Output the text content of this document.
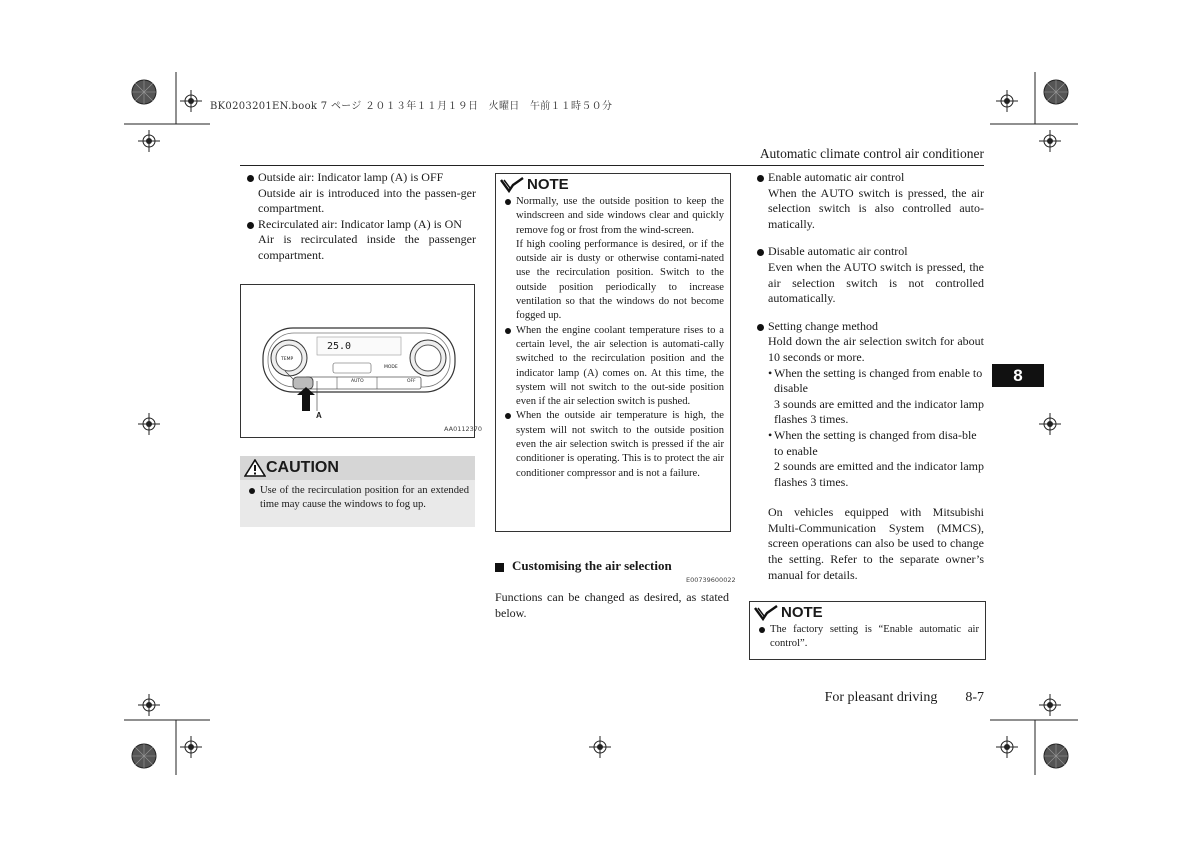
BK0203201EN.book 7 ページ ２０１３年１１月１９日　火曜日　午前１１時５０分
Automatic climate control air conditioner

Outside air: Indicator lamp (A) is OFF

Outside air is introduced into the passen-ger compartment.

Recirculated air: Indicator lamp (A) is ON

Air is recirculated inside the passenger compartment.

25.0
TEMP
MODE
AUTO	OFF
A
AA0112370
CAUTION
Use of the recirculation position for an extended time may cause the windows to fog up.
NOTE

Normally, use the outside position to keep the windscreen and side windows clear and quickly remove fog or frost from the wind-screen.

If high cooling performance is desired, or if the outside air is dusty or otherwise contami-nated use the recirculation position. Switch to the outside position periodically to increase ventilation so that the windows do not become fogged up.

When the engine coolant temperature rises to a certain level, the air selection is automati-cally switched to the recirculation position and the indicator lamp (A) comes on. At this time, the system will not switch to the out-side position even if the air selection switch is pushed.

When the outside air temperature is high, the system will not switch to the outside position even the air selection switch is pressed if the air conditioner is operating. This is to protect the air conditioner compressor and is not a failure.

Customising the air selection
E00739600022

Functions can be changed as desired, as stated below.

Enable automatic air control

When the AUTO switch is pressed, the air selection switch is also controlled auto-matically.

Disable automatic air control

Even when the AUTO switch is pressed, the air selection switch is not controlled automatically.

Setting change method

Hold down the air selection switch for about 10 seconds or more.

• When the setting is changed from enable to disable

3 sounds are emitted and the indicator lamp flashes 3 times.

• When the setting is changed from disa-ble to enable

2 sounds are emitted and the indicator lamp flashes 3 times.

On vehicles equipped with Mitsubishi Multi-Communication System (MMCS), screen operations can also be used to change the setting. Refer to the separate owner’s manual for details.

NOTE
The factory setting is “Enable automatic air control”.
8
For pleasant driving 8-7
